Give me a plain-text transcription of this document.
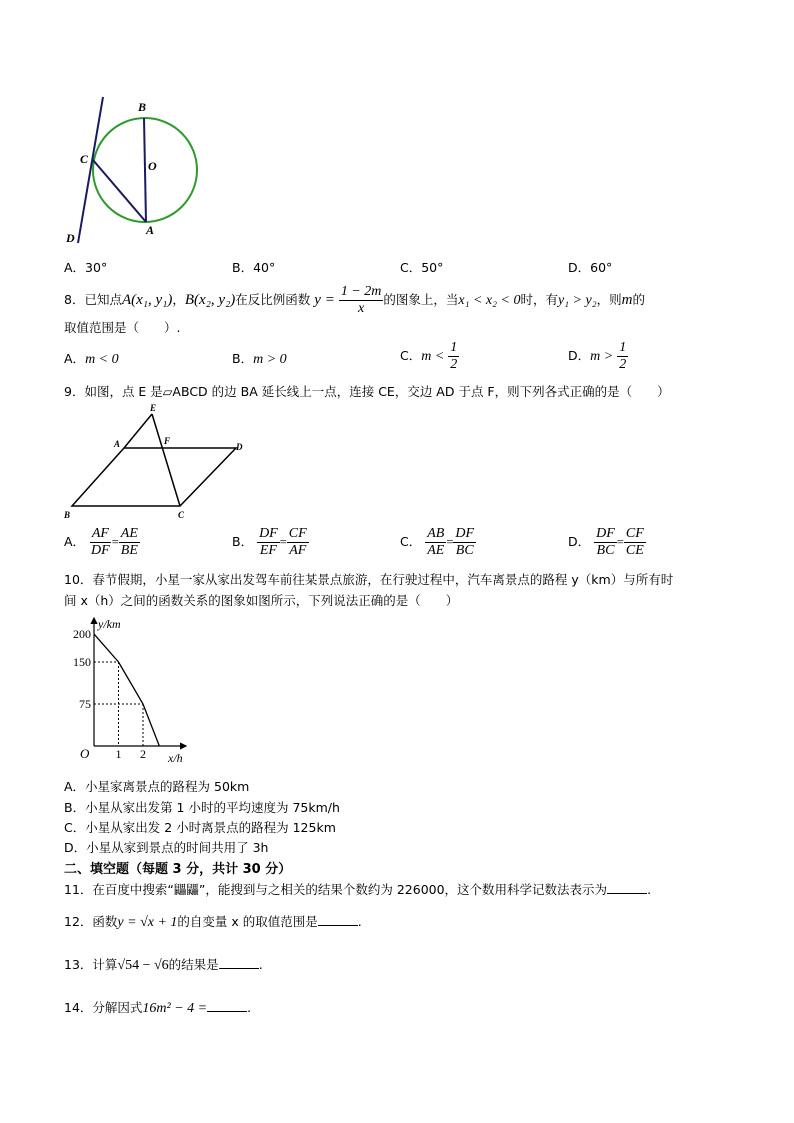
B
O
C
A
D
A．30°	B．40°	C．50°	D．60°
8．已知点A(x₁, y₁)，B(x₂, y₂)在反比例函数 $y = \frac{1 - 2m}{x}$ 的图象上，当x₁ < x₂ < 0时，有y₁ > y₂，则m的
取值范围是（　　）.
A．m < 0	B．m > 0	C．$m < \frac{1}{2}$	D．$m > \frac{1}{2}$
9．如图，点 E 是▱ABCD 的边 BA 延长线上一点，连接 CE，交边 AD 于点 F，则下列各式正确的是（　　）
E
A	F
D
B	C
A． $\frac{AF}{DF} = \frac{AE}{BE}$	B． $\frac{DF}{EF} = \frac{CF}{AF}$	C． $\frac{AB}{AE} = \frac{DF}{BC}$	D． $\frac{DF}{BC} = \frac{CF}{CE}$
10．春节假期，小星一家从家出发驾车前往某景点旅游，在行驶过程中，汽车离景点的路程 y（km）与所有时
间 x（h）之间的函数关系的图象如图所示，下列说法正确的是（　　）
1 2
75
150
200
y/km
x/h
O
A．小星家离景点的路程为 50km
B．小星从家出发第 1 小时的平均速度为 75km/h
C．小星从家出发 2 小时离景点的路程为 125km
D．小星从家到景点的时间共用了 3h
二、填空题（每题 3 分，共计 30 分）
11．在百度中搜索“鼺鼺”，能搜到与之相关的结果个数约为 226000，这个数用科学记数法表示为	.
12．函数y = √x + 1的自变量 x 的取值范围是	.
13．计算√54 − √6的结果是	.
14．分解因式16m² − 4 =	.
